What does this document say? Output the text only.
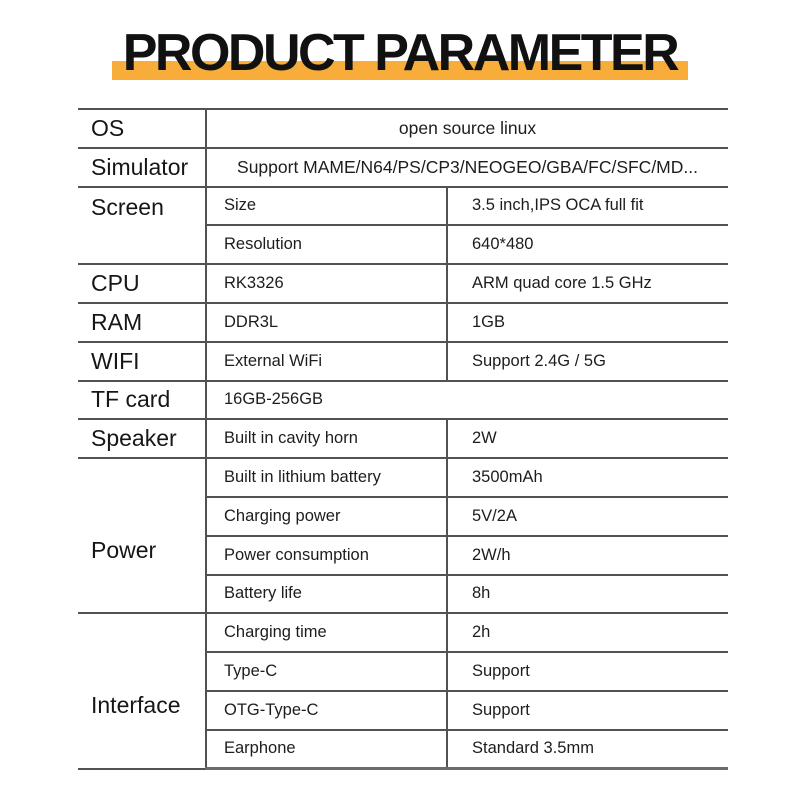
PRODUCT PARAMETER
OS	open source linux	
Simulator	Support MAME/N64/PS/CP3/NEOGEO/GBA/FC/SFC/MD...	
Screen	Size	3.5 inch,IPS OCA full fit
	Resolution	640*480
CPU	RK3326	ARM quad core 1.5 GHz
RAM	DDR3L	1GB
WIFI	External WiFi	Support 2.4G / 5G
TF card	16GB-256GB	
Speaker	Built in cavity horn	2W
Power	Built in lithium battery	3500mAh
	Charging power	5V/2A
	Power consumption	2W/h
	Battery life	8h
Interface	Charging time	2h
	Type-C	Support
	OTG-Type-C	Support
	Earphone	Standard 3.5mm
